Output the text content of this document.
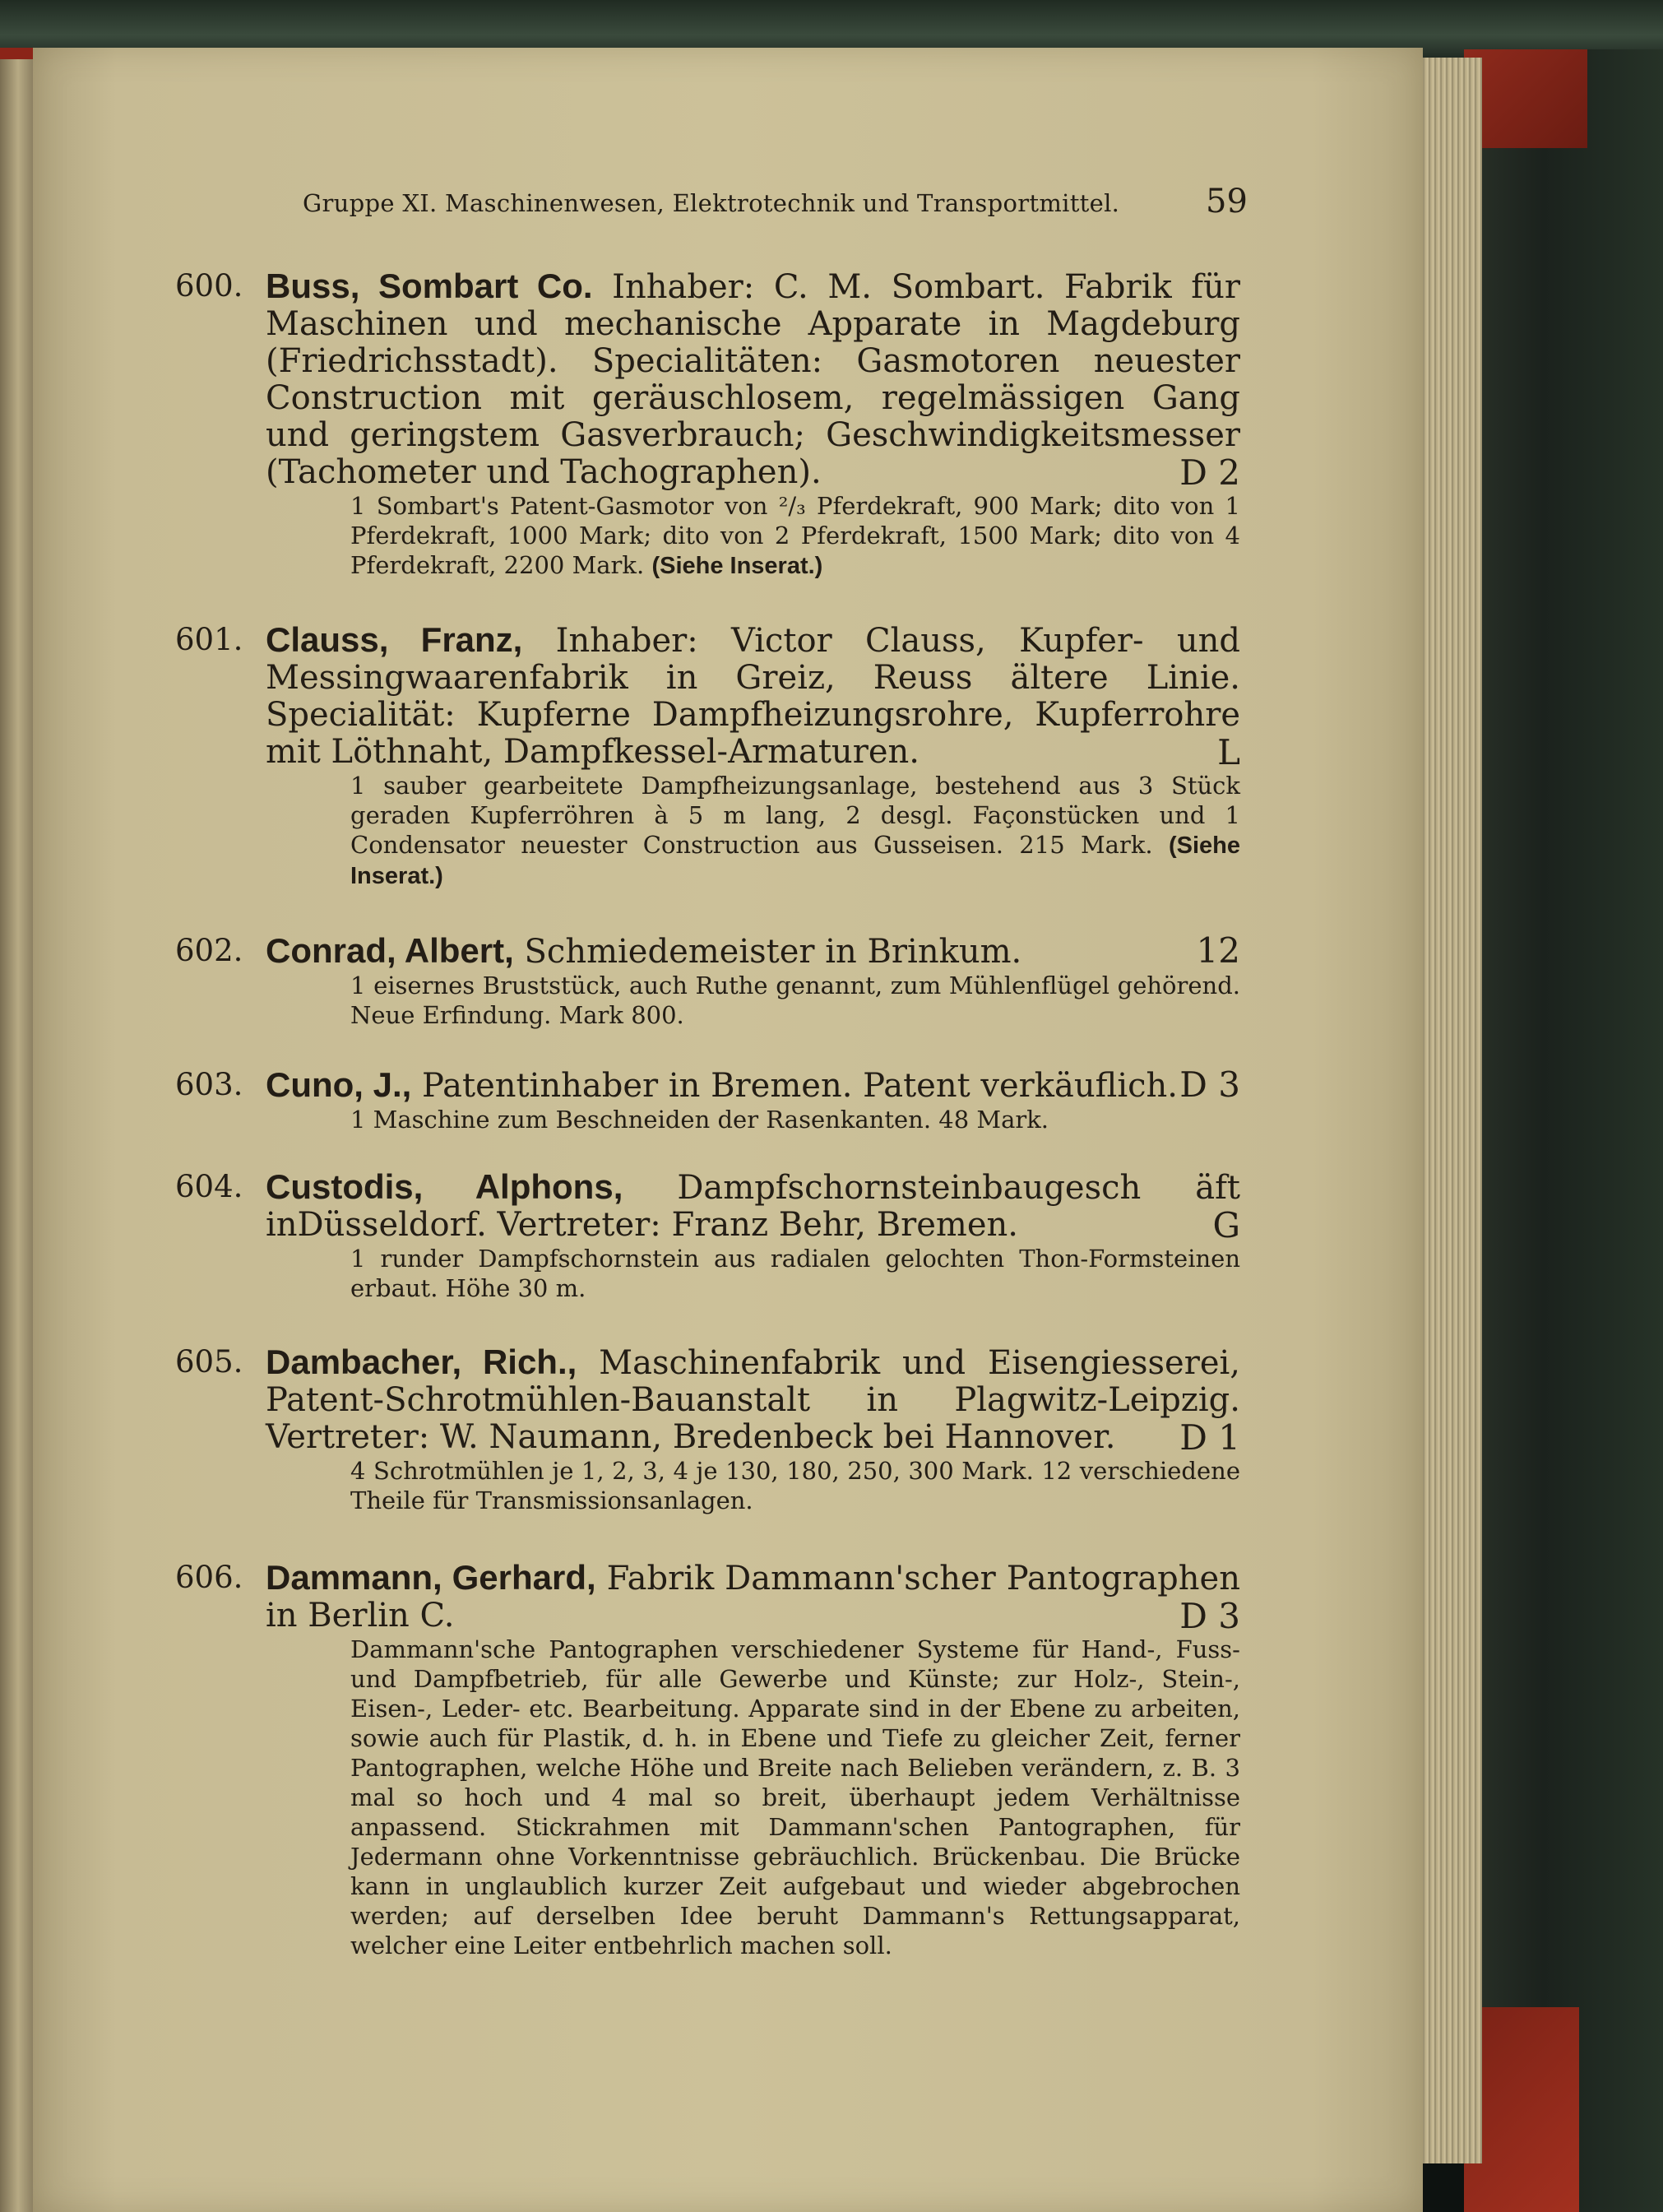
Gruppe XI. Maschinenwesen, Elektrotechnik und Transportmittel.	59
600. Buss, Sombart Co. Inhaber: C. M. Sombart. Fabrik für Maschinen und mechanische Apparate in Magdeburg (Friedrichsstadt). Specialitäten: Gasmotoren neuester Construction mit geräuschlosem, regelmässigen Gang und geringstem Gasverbrauch; Geschwindigkeitsmesser (Tachometer und Tachographen).	D 2
1 Sombart's Patent-Gasmotor von ²/₃ Pferdekraft, 900 Mark; dito von 1 Pferdekraft, 1000 Mark; dito von 2 Pferdekraft, 1500 Mark; dito von 4 Pferdekraft, 2200 Mark. (Siehe Inserat.)
601. Clauss, Franz, Inhaber: Victor Clauss, Kupfer- und Messingwaarenfabrik in Greiz, Reuss ältere Linie. Specialität: Kupferne Dampfheizungsrohre, Kupferrohre mit Löthnaht, Dampfkessel-Armaturen.	L
1 sauber gearbeitete Dampfheizungsanlage, bestehend aus 3 Stück geraden Kupferröhren à 5 m lang, 2 desgl. Façonstücken und 1 Condensator neuester Construction aus Gusseisen. 215 Mark. (Siehe Inserat.)
602. Conrad, Albert, Schmiedemeister in Brinkum.	12
1 eisernes Bruststück, auch Ruthe genannt, zum Mühlenflügel gehörend. Neue Erfindung. Mark 800.
603. Cuno, J., Patentinhaber in Bremen. Patent verkäuflich. D 3
1 Maschine zum Beschneiden der Rasenkanten. 48 Mark.
604. Custodis, Alphons, Dampfschornsteinbaugesch äft inDüsseldorf. Vertreter: Franz Behr, Bremen.	G
1 runder Dampfschornstein aus radialen gelochten Thon-Formsteinen erbaut. Höhe 30 m.
605. Dambacher, Rich., Maschinenfabrik und Eisengiesserei, Patent-Schrotmühlen-Bauanstalt in Plagwitz-Leipzig. Vertreter: W. Naumann, Bredenbeck bei Hannover. D 1
4 Schrotmühlen je 1, 2, 3, 4 je 130, 180, 250, 300 Mark. 12 verschiedene Theile für Transmissionsanlagen.
606. Dammann, Gerhard, Fabrik Dammann'scher Pantographen in Berlin C.	D 3
Dammann'sche Pantographen verschiedener Systeme für Hand-, Fuss- und Dampfbetrieb, für alle Gewerbe und Künste; zur Holz-, Stein-, Eisen-, Leder- etc. Bearbeitung. Apparate sind in der Ebene zu arbeiten, sowie auch für Plastik, d. h. in Ebene und Tiefe zu gleicher Zeit, ferner Pantographen, welche Höhe und Breite nach Belieben verändern, z. B. 3 mal so hoch und 4 mal so breit, überhaupt jedem Verhältnisse anpassend. Stickrahmen mit Dammann'schen Pantographen, für Jedermann ohne Vorkenntnisse gebräuchlich. Brückenbau. Die Brücke kann in unglaublich kurzer Zeit aufgebaut und wieder abgebrochen werden; auf derselben Idee beruht Dammann's Rettungsapparat, welcher eine Leiter entbehrlich machen soll.
